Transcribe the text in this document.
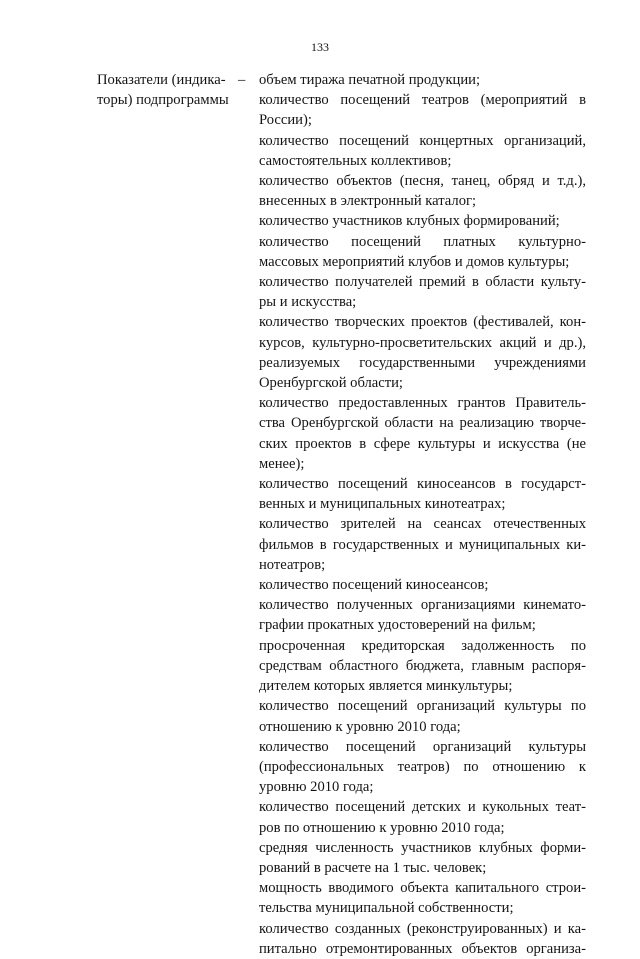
133
Показатели (индика-
торы) подпрограммы
– объем тиража печатной продукции;
количество посещений театров (мероприятий в
России);
количество посещений концертных организаций,
самостоятельных коллективов;
количество объектов (песня, танец, обряд и т.д.),
внесенных в электронный каталог;
количество участников клубных формирований;
количество посещений платных культурно-
массовых мероприятий клубов и домов культуры;
количество получателей премий в области культу-
ры и искусства;
количество творческих проектов (фестивалей, кон-
курсов, культурно-просветительских акций и др.),
реализуемых государственными учреждениями
Оренбургской области;
количество предоставленных грантов Правитель-
ства Оренбургской области на реализацию творче-
ских проектов в сфере культуры и искусства (не
менее);
количество посещений киносеансов в государст-
венных и муниципальных кинотеатрах;
количество зрителей на сеансах отечественных
фильмов в государственных и муниципальных ки-
нотеатров;
количество посещений киносеансов;
количество полученных организациями кинемато-
графии прокатных удостоверений на фильм;
просроченная кредиторская задолженность по
средствам областного бюджета, главным распоря-
дителем которых является минкультуры;
количество посещений организаций культуры по
отношению к уровню 2010 года;
количество посещений организаций культуры
(профессиональных театров) по отношению к
уровню 2010 года;
количество посещений детских и кукольных теат-
ров по отношению к уровню 2010 года;
средняя численность участников клубных форми-
рований в расчете на 1 тыс. человек;
мощность вводимого объекта капитального строи-
тельства муниципальной собственности;
количество созданных (реконструированных) и ка-
питально отремонтированных объектов организа-
